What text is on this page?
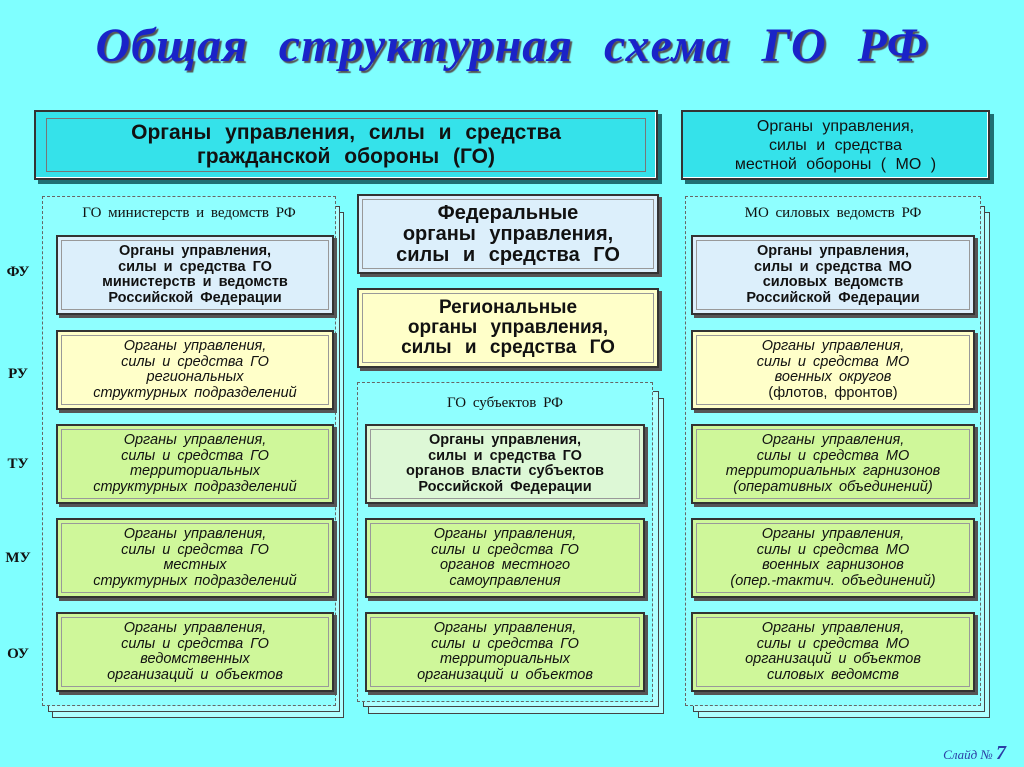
Общая структурная схема ГО РФ
Органы управления, силы и средства
гражданской обороны (ГО)
Органы управления,
силы и средства
местной обороны ( МО )
ГО министерств и ведомств РФ	МО силовых ведомств РФ
ГО субъектов РФ
Федеральные
органы управления,
силы и средства ГО
Региональные
органы управления,
силы и средства ГО
ФУ
РУ
ТУ
МУ
ОУ
Органы управления,
силы и средства ГО
министерств и ведомств
Российской Федерации
Органы управления,
силы и средства ГО
региональных
структурных подразделений
Органы управления,
силы и средства ГО
территориальных
структурных подразделений
Органы управления,
силы и средства ГО
местных
структурных подразделений
Органы управления,
силы и средства ГО
ведомственных
организаций и объектов
Органы управления,
силы и средства ГО
органов власти субъектов
Российской Федерации
Органы управления,
силы и средства ГО
органов местного
самоуправления
Органы управления,
силы и средства ГО
территориальных
организаций и объектов
Органы управления,
силы и средства МО
силовых ведомств
Российской Федерации
Органы управления,
силы и средства МО
военных округов
(флотов, фронтов)
Органы управления,
силы и средства МО
территориальных гарнизонов
(оперативных объединений)
Органы управления,
силы и средства МО
военных гарнизонов
(опер.-тактич. объединений)
Органы управления,
силы и средства МО
организаций и объектов
силовых ведомств
Слайд № 7
